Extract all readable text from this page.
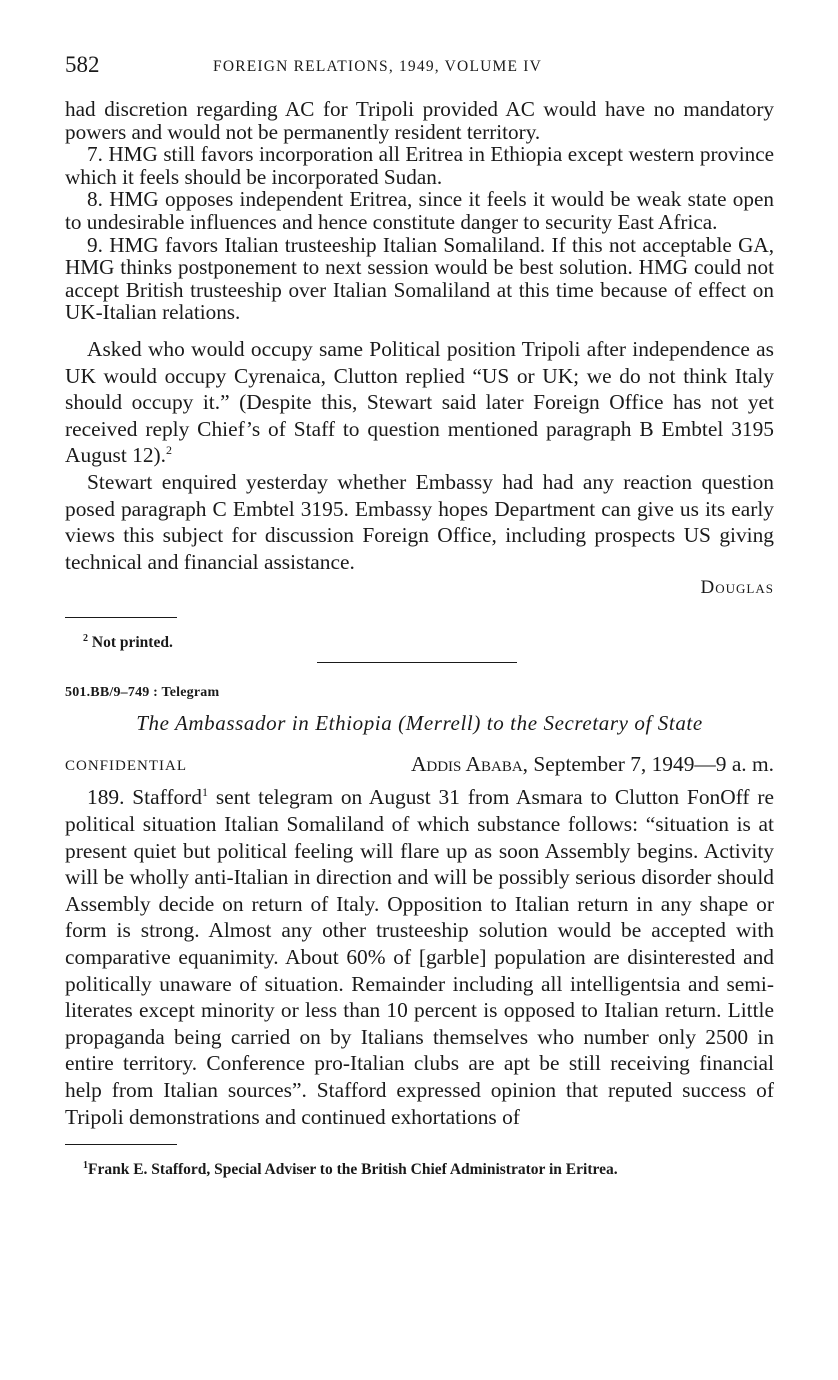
582	FOREIGN RELATIONS, 1949, VOLUME IV

had discretion regarding AC for Tripoli provided AC would have no mandatory powers and would not be permanently resident territory.

7. HMG still favors incorporation all Eritrea in Ethiopia except western province which it feels should be incorporated Sudan.

8. HMG opposes independent Eritrea, since it feels it would be weak state open to undesirable influences and hence constitute danger to security East Africa.

9. HMG favors Italian trusteeship Italian Somaliland. If this not acceptable GA, HMG thinks postponement to next session would be best solution. HMG could not accept British trusteeship over Italian Somaliland at this time because of effect on UK-Italian relations.

Asked who would occupy same Political position Tripoli after independence as UK would occupy Cyrenaica, Clutton replied “US or UK; we do not think Italy should occupy it.” (Despite this, Stewart said later Foreign Office has not yet received reply Chief’s of Staff to question mentioned paragraph B Embtel 3195 August 12).$^2$

Stewart enquired yesterday whether Embassy had had any reaction question posed paragraph C Embtel 3195. Embassy hopes Department can give us its early views this subject for discussion Foreign Office, including prospects US giving technical and financial assistance.

Douglas
$^2$ Not printed.
501.BB/9–749 : Telegram
The Ambassador in Ethiopia (Merrell) to the Secretary of State
CONFIDENTIAL	Addis Ababa, September 7, 1949—9 a. m.

189. Stafford$^1$ sent telegram on August 31 from Asmara to Clutton FonOff re political situation Italian Somaliland of which substance follows: “situation is at present quiet but political feeling will flare up as soon Assembly begins. Activity will be wholly anti-Italian in direction and will be possibly serious disorder should Assembly decide on return of Italy. Opposition to Italian return in any shape or form is strong. Almost any other trusteeship solution would be accepted with comparative equanimity. About 60% of [garble] population are disinterested and politically unaware of situation. Remainder including all intelligentsia and semi-literates except minority or less than 10 percent is opposed to Italian return. Little propaganda being carried on by Italians themselves who number only 2500 in entire territory. Conference pro-Italian clubs are apt be still receiving financial help from Italian sources”. Stafford expressed opinion that reputed success of Tripoli demonstrations and continued exhortations of

$^1$Frank E. Stafford, Special Adviser to the British Chief Administrator in Eritrea.
